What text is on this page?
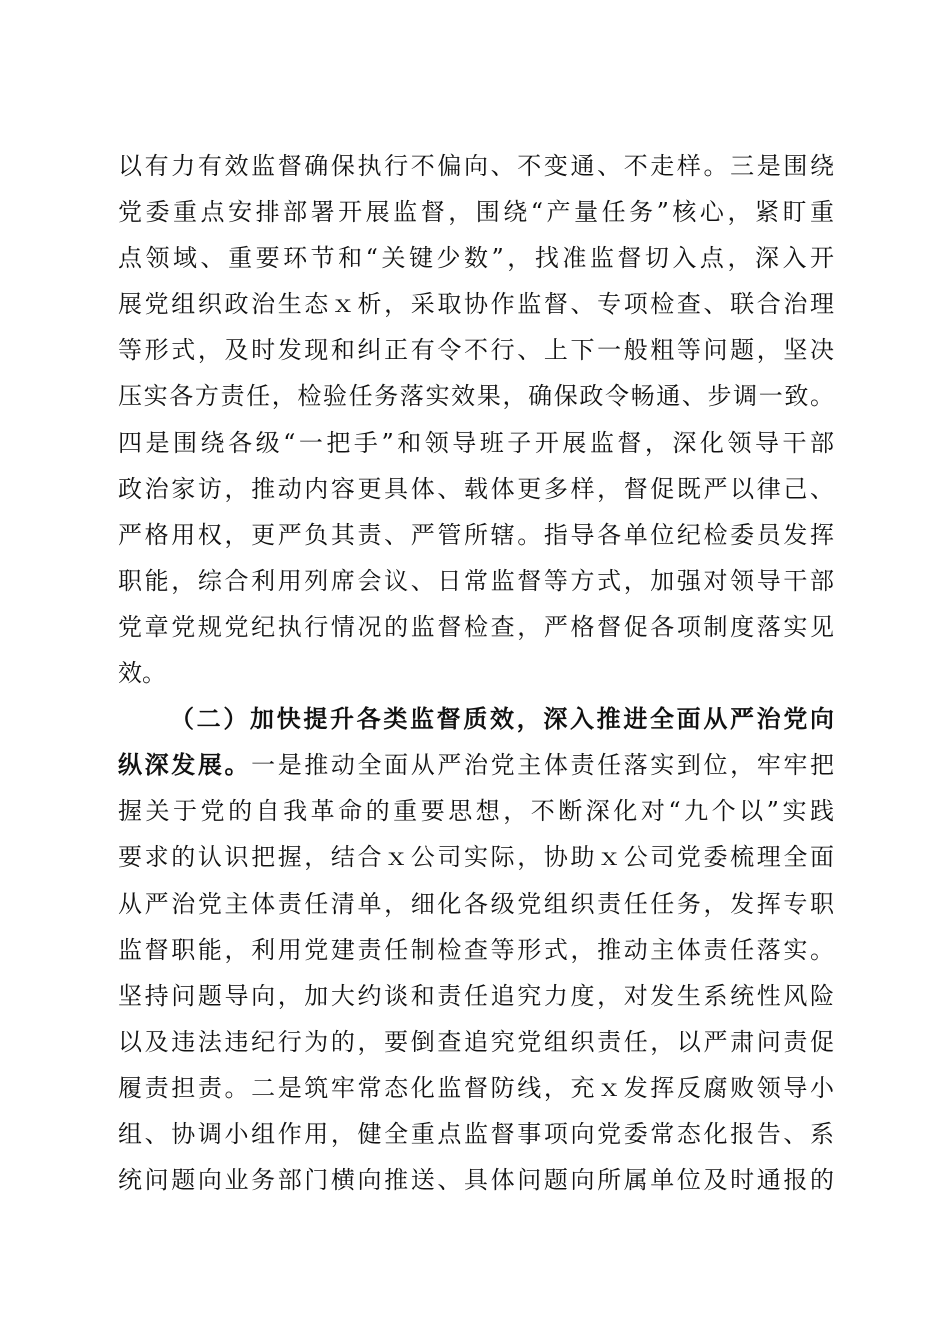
以有力有效监督确保执行不偏向、不变通、不走样。三是围绕
党委重点安排部署开展监督，围绕“产量任务”核心，紧盯重
点领域、重要环节和“关键少数”，找准监督切入点，深入开
展党组织政治生态ｘ析，采取协作监督、专项检查、联合治理
等形式，及时发现和纠正有令不行、上下一般粗等问题，坚决
压实各方责任，检验任务落实效果，确保政令畅通、步调一致。
四是围绕各级“一把手”和领导班子开展监督，深化领导干部
政治家访，推动内容更具体、载体更多样，督促既严以律己、
严格用权，更严负其责、严管所辖。指导各单位纪检委员发挥
职能，综合利用列席会议、日常监督等方式，加强对领导干部
党章党规党纪执行情况的监督检查，严格督促各项制度落实见
效。
（二）加快提升各类监督质效，深入推进全面从严治党向
纵深发展。一是推动全面从严治党主体责任落实到位，牢牢把
握关于党的自我革命的重要思想，不断深化对“九个以”实践
要求的认识把握，结合ｘ公司实际，协助ｘ公司党委梳理全面
从严治党主体责任清单，细化各级党组织责任任务，发挥专职
监督职能，利用党建责任制检查等形式，推动主体责任落实。
坚持问题导向，加大约谈和责任追究力度，对发生系统性风险
以及违法违纪行为的，要倒查追究党组织责任，以严肃问责促
履责担责。二是筑牢常态化监督防线，充ｘ发挥反腐败领导小
组、协调小组作用，健全重点监督事项向党委常态化报告、系
统问题向业务部门横向推送、具体问题向所属单位及时通报的
